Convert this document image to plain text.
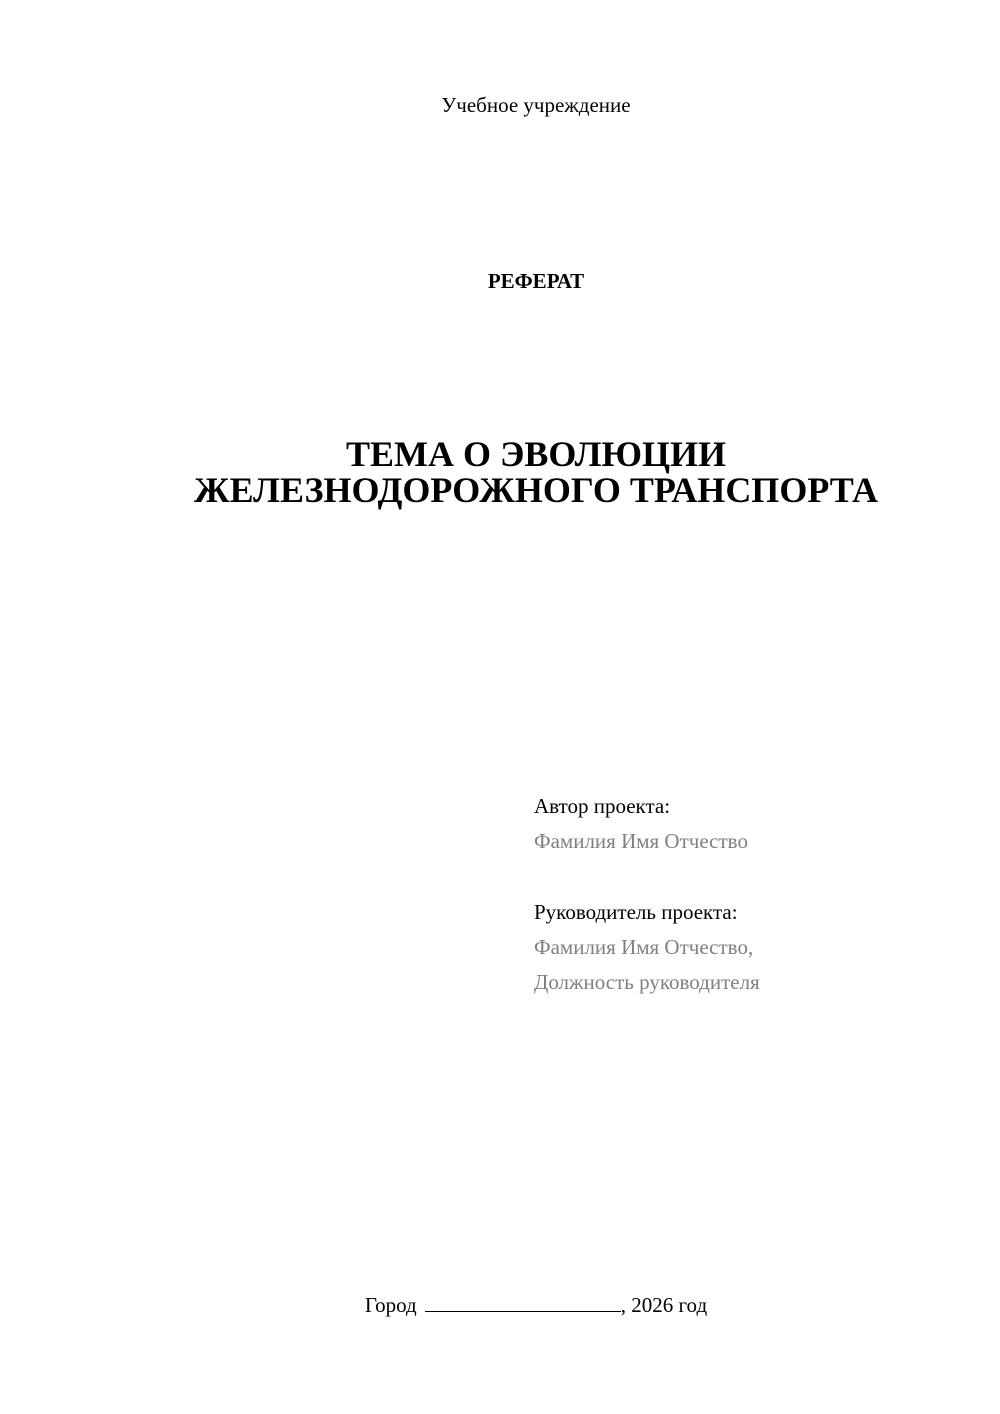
Учебное учреждение
РЕФЕРАТ
ТЕМА О ЭВОЛЮЦИИ
ЖЕЛЕЗНОДОРОЖНОГО ТРАНСПОРТА
Автор проекта:
Фамилия Имя Отчество
Руководитель проекта:
Фамилия Имя Отчество,
Должность руководителя
Город	, 2026 год
